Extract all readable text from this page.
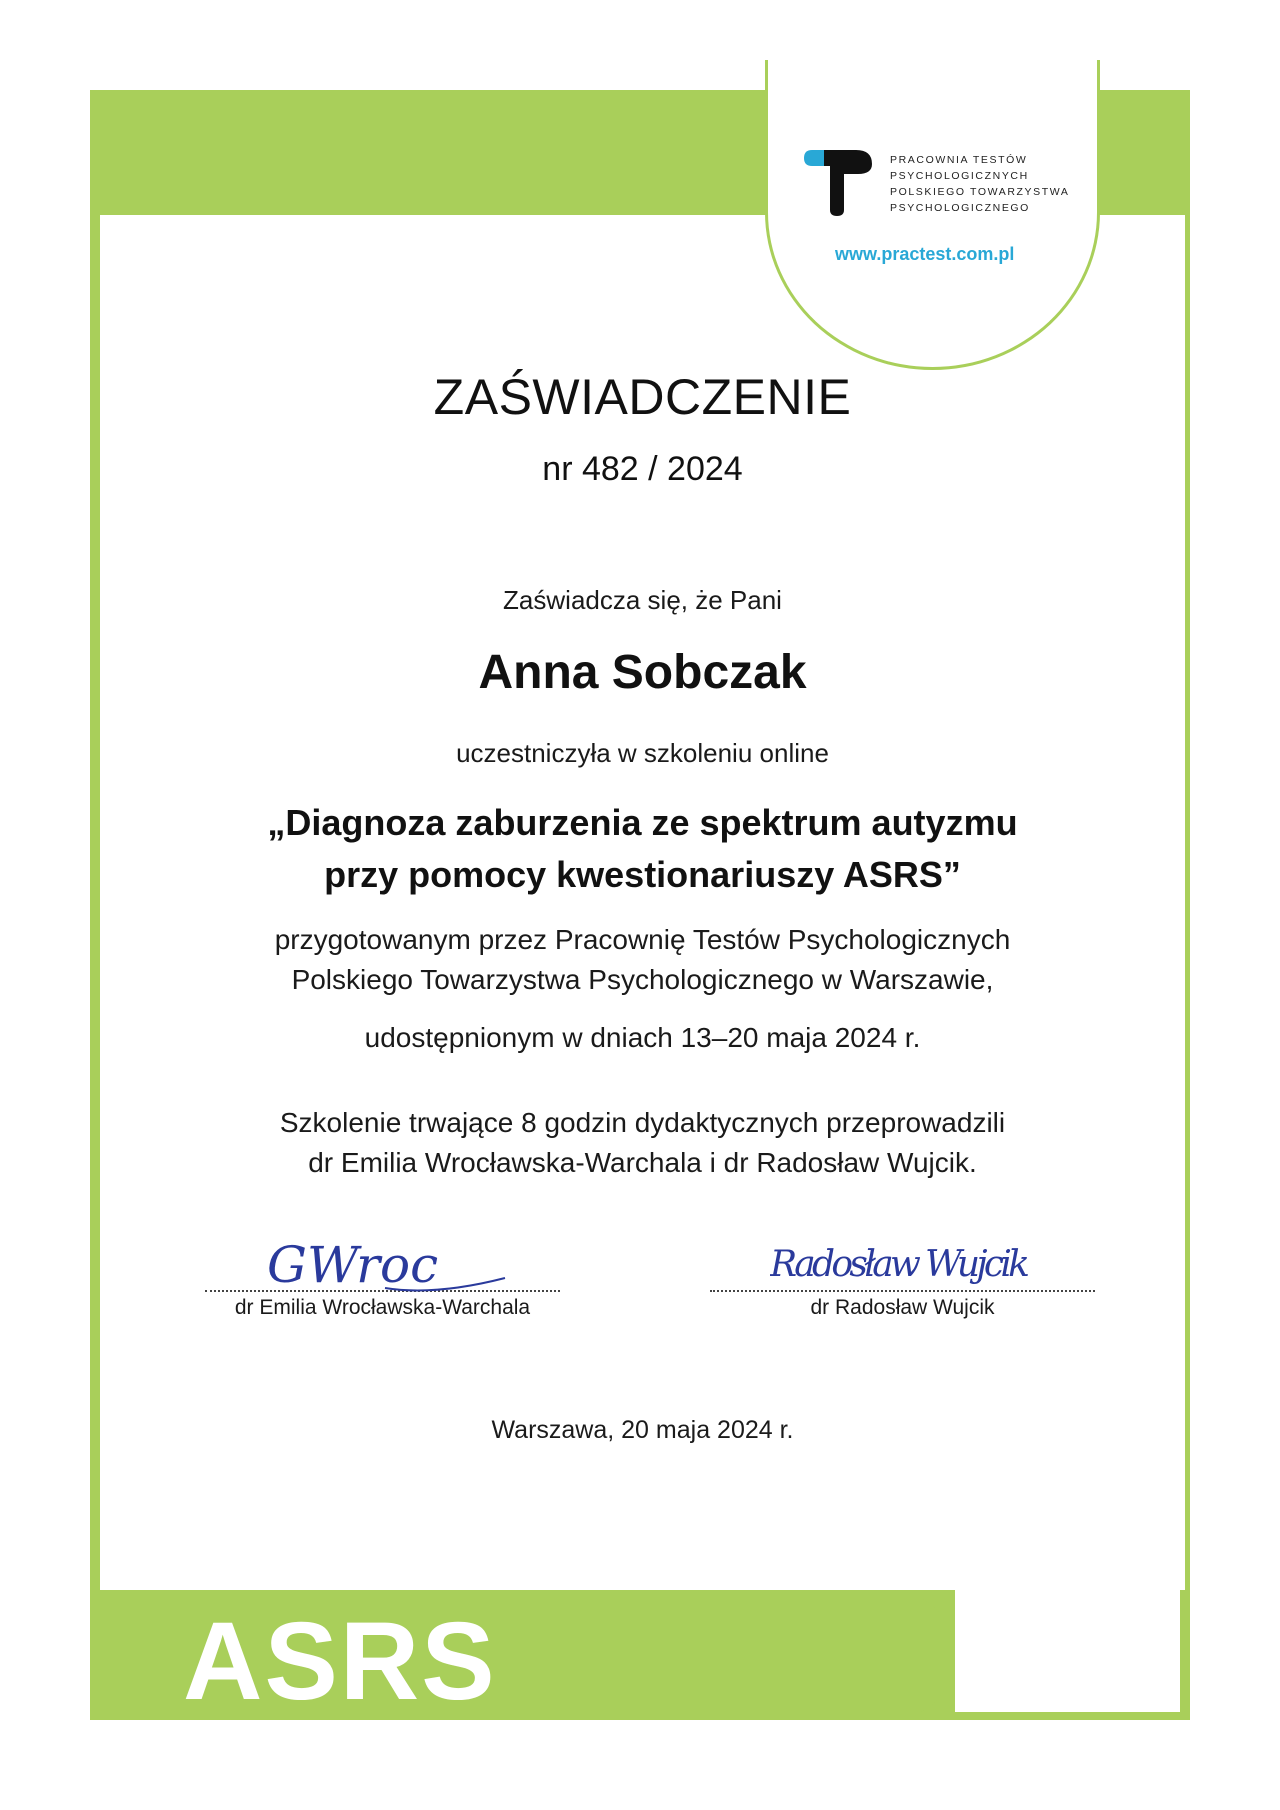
PRACOWNIA TESTÓW
PSYCHOLOGICZNYCH
POLSKIEGO TOWARZYSTWA
PSYCHOLOGICZNEGO
www.practest.com.pl
ZAŚWIADCZENIE
nr 482 / 2024
Zaświadcza się, że Pani
Anna Sobczak
uczestniczyła w szkoleniu online
„Diagnoza zaburzenia ze spektrum autyzmu
przy pomocy kwestionariuszy ASRS”
przygotowanym przez Pracownię Testów Psychologicznych
Polskiego Towarzystwa Psychologicznego w Warszawie,
udostępnionym w dniach 13–20 maja 2024 r.
Szkolenie trwające 8 godzin dydaktycznych przeprowadzili
dr Emilia Wrocławska-Warchala i dr Radosław Wujcik.
GWroc
dr Emilia Wrocławska-Warchala
Radosław Wujcik
dr Radosław Wujcik
Warszawa, 20 maja 2024 r.
ASRS
